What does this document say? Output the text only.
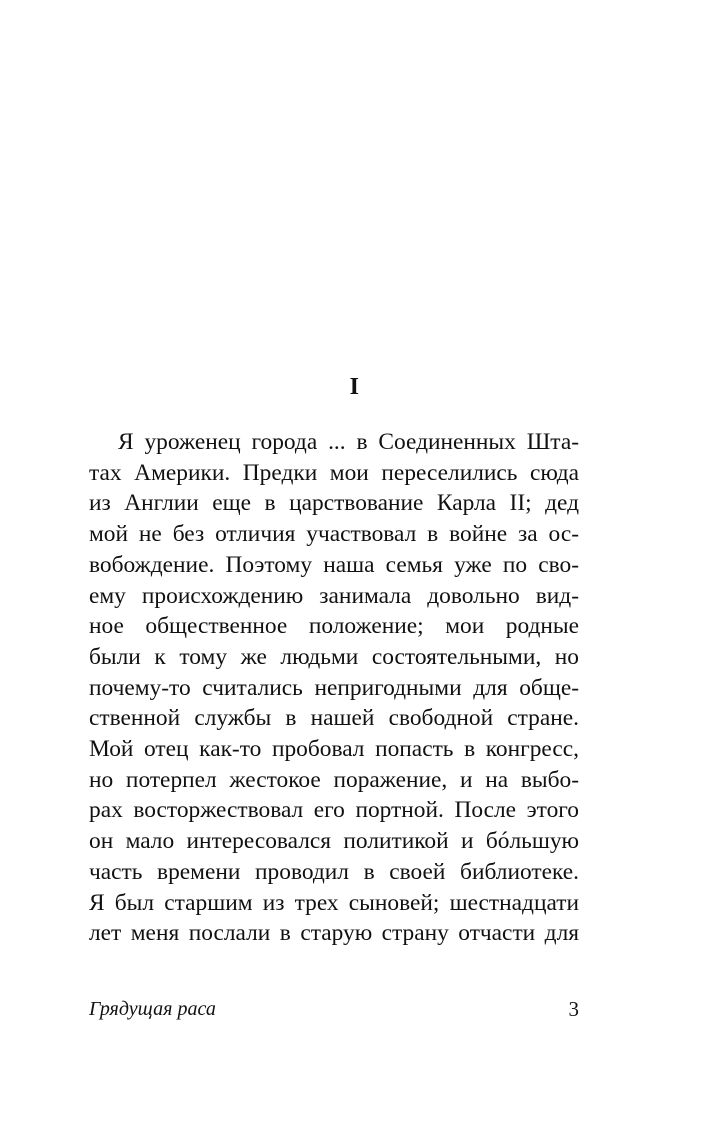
I
Я уроженец города ... в Соединенных Шта-
тах Америки. Предки мои переселились сюда
из Англии еще в царствование Карла II; дед
мой не без отличия участвовал в войне за ос-
вобождение. Поэтому наша семья уже по сво-
ему происхождению занимала довольно вид-
ное общественное положение; мои родные
были к тому же людьми состоятельными, но
почему-то считались непригодными для обще-
ственной службы в нашей свободной стране.
Мой отец как-то пробовал попасть в конгресс,
но потерпел жестокое поражение, и на выбо-
рах восторжествовал его портной. После этого
он мало интересовался политикой и бóльшую
часть времени проводил в своей библиотеке.
Я был старшим из трех сыновей; шестнадцати
лет меня послали в старую страну отчасти для
Грядущая раса	3
